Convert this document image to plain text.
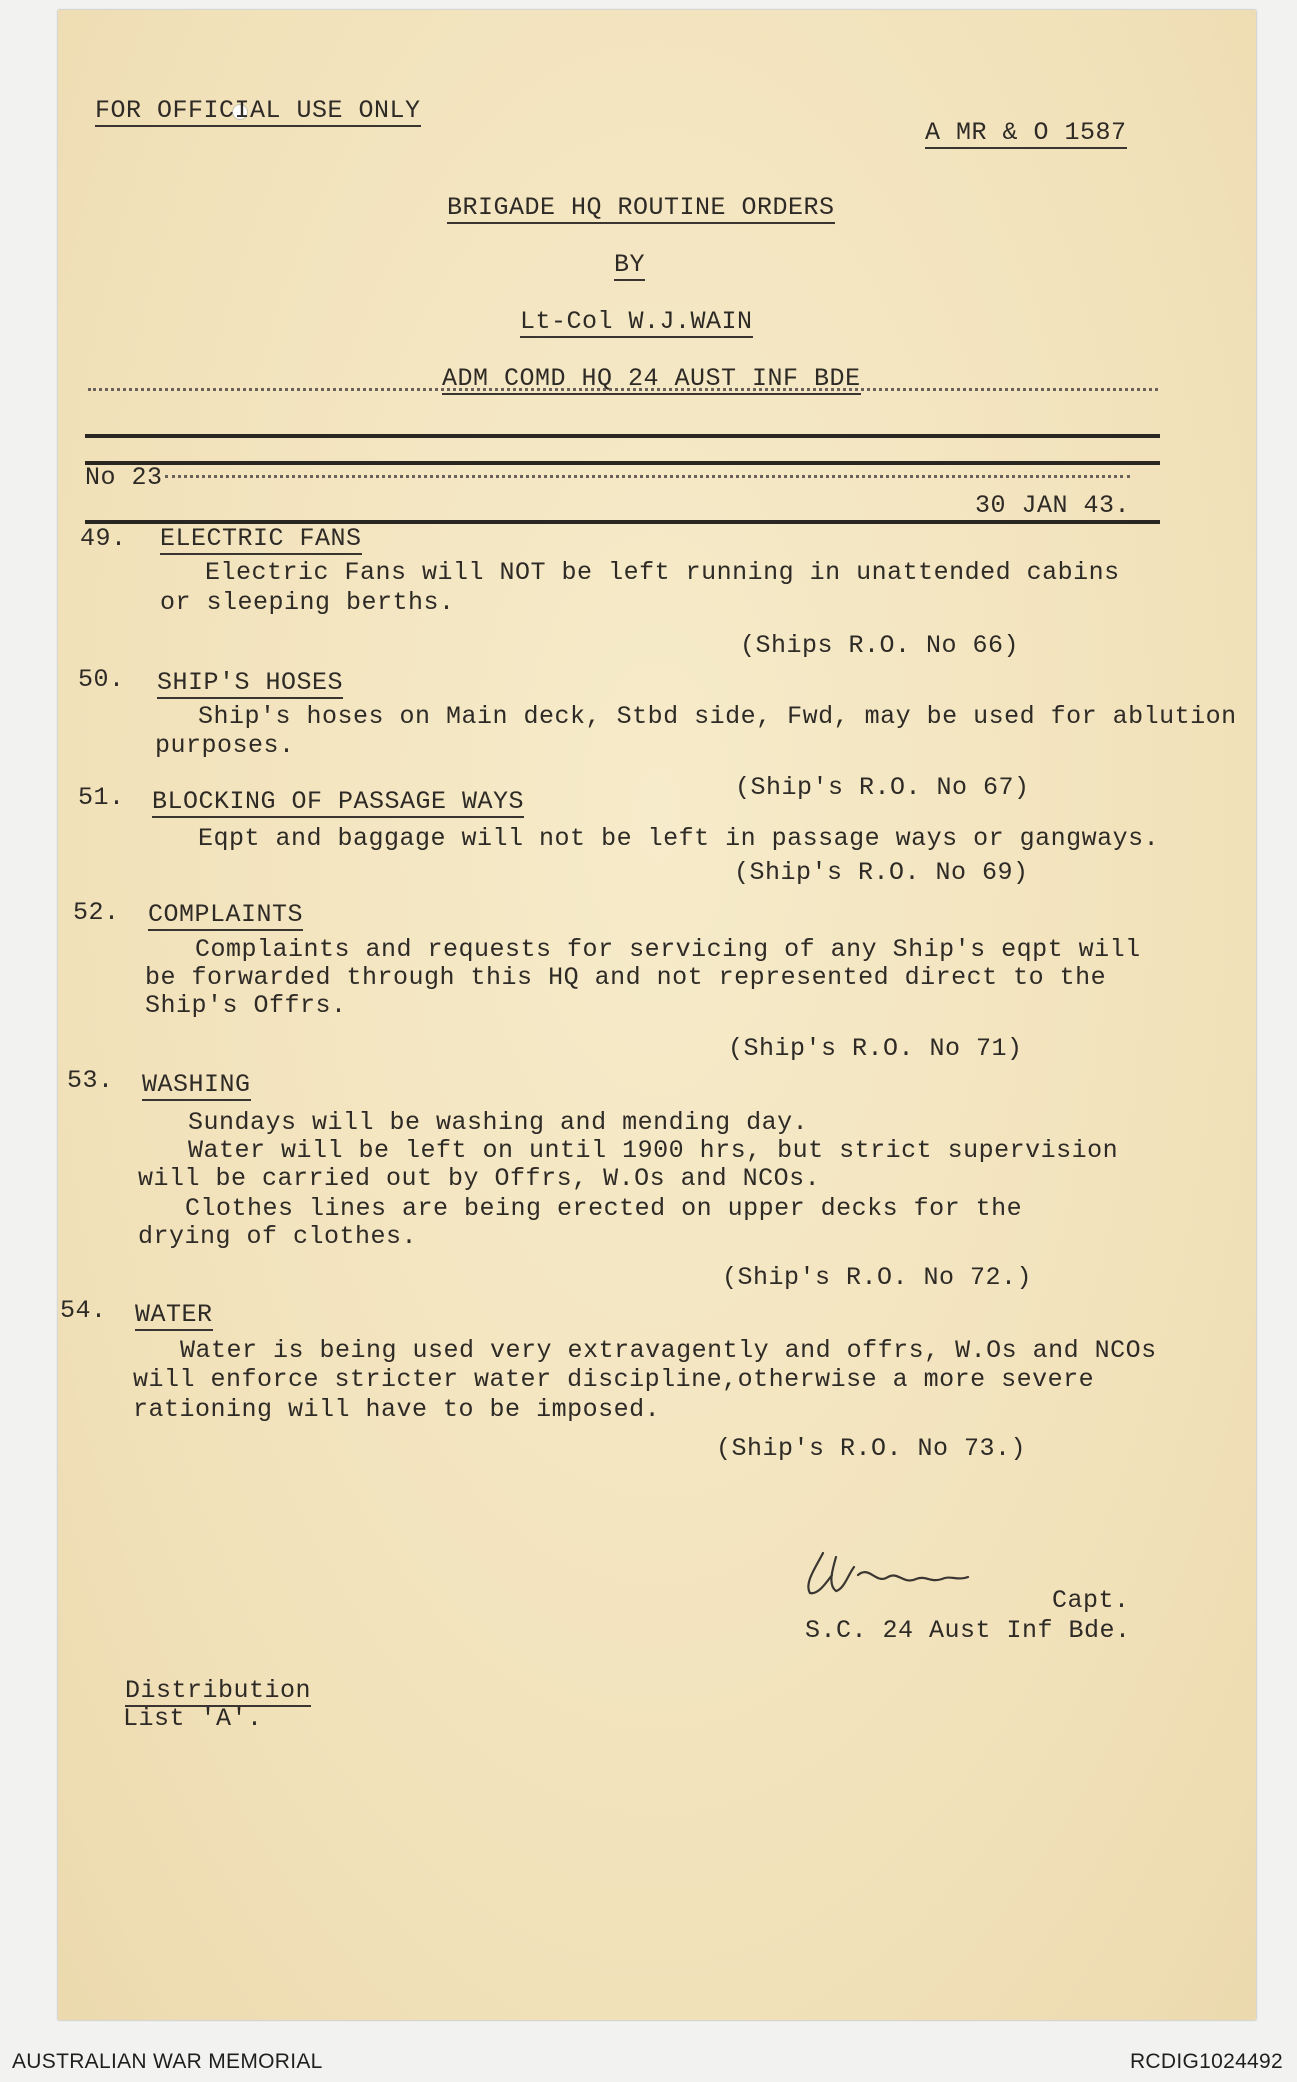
FOR OFFICIAL USE ONLY
A MR & O 1587
BRIGADE HQ ROUTINE ORDERS
BY
Lt-Col W.J.WAIN
ADM COMD HQ 24 AUST INF BDE
No 23
30 JAN 43.
49. ELECTRIC FANS
Electric Fans will NOT be left running in unattended cabins
or sleeping berths.
(Ships R.O. No 66)
50. SHIP'S HOSES
Ship's hoses on Main deck, Stbd side, Fwd, may be used for ablution
purposes.
(Ship's R.O. No 67)
51. BLOCKING OF PASSAGE WAYS
Eqpt and baggage will not be left in passage ways or gangways.
(Ship's R.O. No 69)
52. COMPLAINTS
Complaints and requests for servicing of any Ship's eqpt will
be forwarded through this HQ and not represented direct to the
Ship's Offrs.
(Ship's R.O. No 71)
53. WASHING
Sundays will be washing and mending day.
Water will be left on until 1900 hrs, but strict supervision
will be carried out by Offrs, W.Os and NCOs.
Clothes lines are being erected on upper decks for the
drying of clothes.
(Ship's R.O. No 72.)
54. WATER
Water is being used very extravagently and offrs, W.Os and NCOs
will enforce stricter water discipline,otherwise a more severe
rationing will have to be imposed.
(Ship's R.O. No 73.)
Capt.
S.C. 24 Aust Inf Bde.
Distribution
List 'A'.
AUSTRALIAN WAR MEMORIAL	RCDIG1024492
